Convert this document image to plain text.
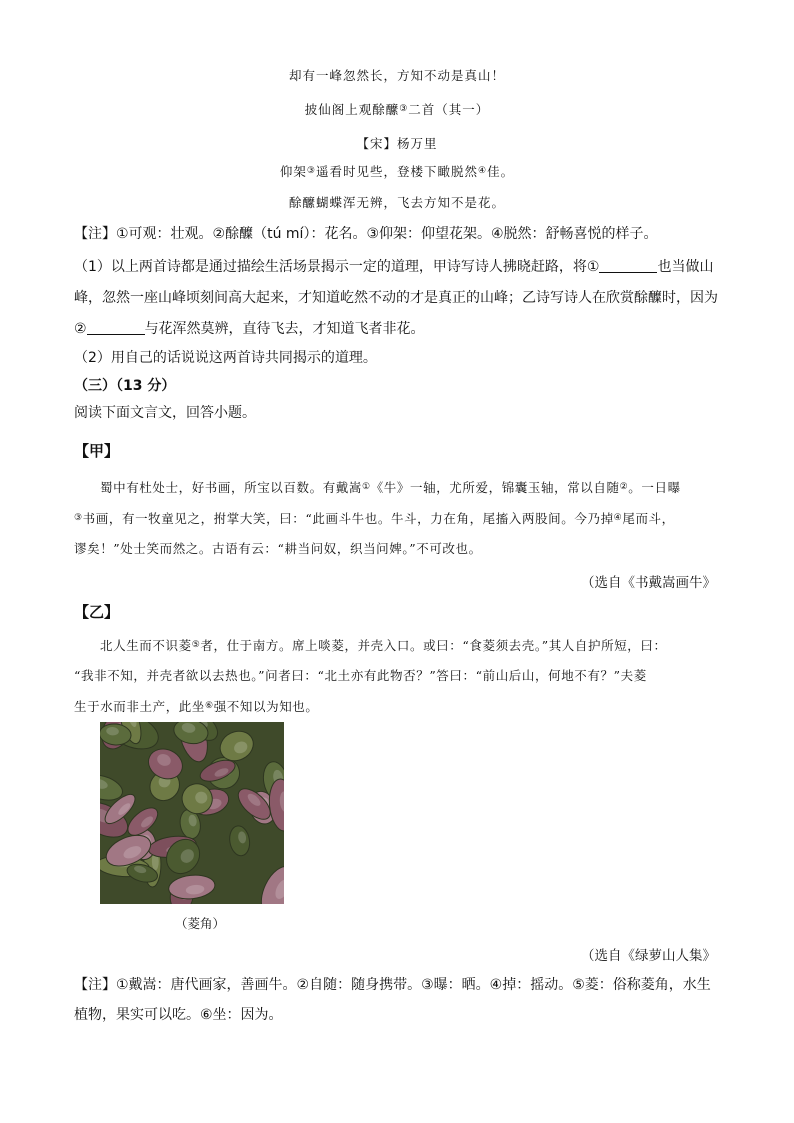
却有一峰忽然长，方知不动是真山！
披仙阁上观酴醿③二首（其一）
【宋】杨万里
仰架③遥看时见些，登楼下瞰脱然④佳。
酴醿蝴蝶浑无辨，飞去方知不是花。
【注】①可观：壮观。②酴醾（tú mí）：花名。③仰架：仰望花架。④脱然：舒畅喜悦的样子。
（1）以上两首诗都是通过描绘生活场景揭示一定的道理，甲诗写诗人拂晓赶路，将①	也当做山
峰，忽然一座山峰顷刻间高大起来，才知道屹然不动的才是真正的山峰；乙诗写诗人在欣赏酴醾时，因为
②	与花浑然莫辨，直待飞去，才知道飞者非花。
（2）用自己的话说说这两首诗共同揭示的道理。
（三）（13 分）
阅读下面文言文，回答小题。
【甲】
蜀中有杜处士，好书画，所宝以百数。有戴嵩①《牛》一轴，尤所爱，锦囊玉轴，常以自随②。一日曝
③书画，有一牧童见之，拊掌大笑，曰：“此画斗牛也。牛斗，力在角，尾搐入两股间。今乃掉④尾而斗，
谬矣！”处士笑而然之。古语有云：“耕当问奴，织当问婢。”不可改也。
（选自《书戴嵩画牛》
【乙】
北人生而不识菱⑤者，仕于南方。席上啖菱，并壳入口。或曰：“食菱须去壳。”其人自护所短，曰：
“我非不知，并壳者欲以去热也。”问者曰：“北土亦有此物否？”答曰：“前山后山，何地不有？”夫菱
生于水而非土产，此坐⑥强不知以为知也。
（菱角）
（选自《绿萝山人集》
【注】①戴嵩：唐代画家，善画牛。②自随：随身携带。③曝：晒。④掉：摇动。⑤菱：俗称菱角，水生
植物，果实可以吃。⑥坐：因为。
